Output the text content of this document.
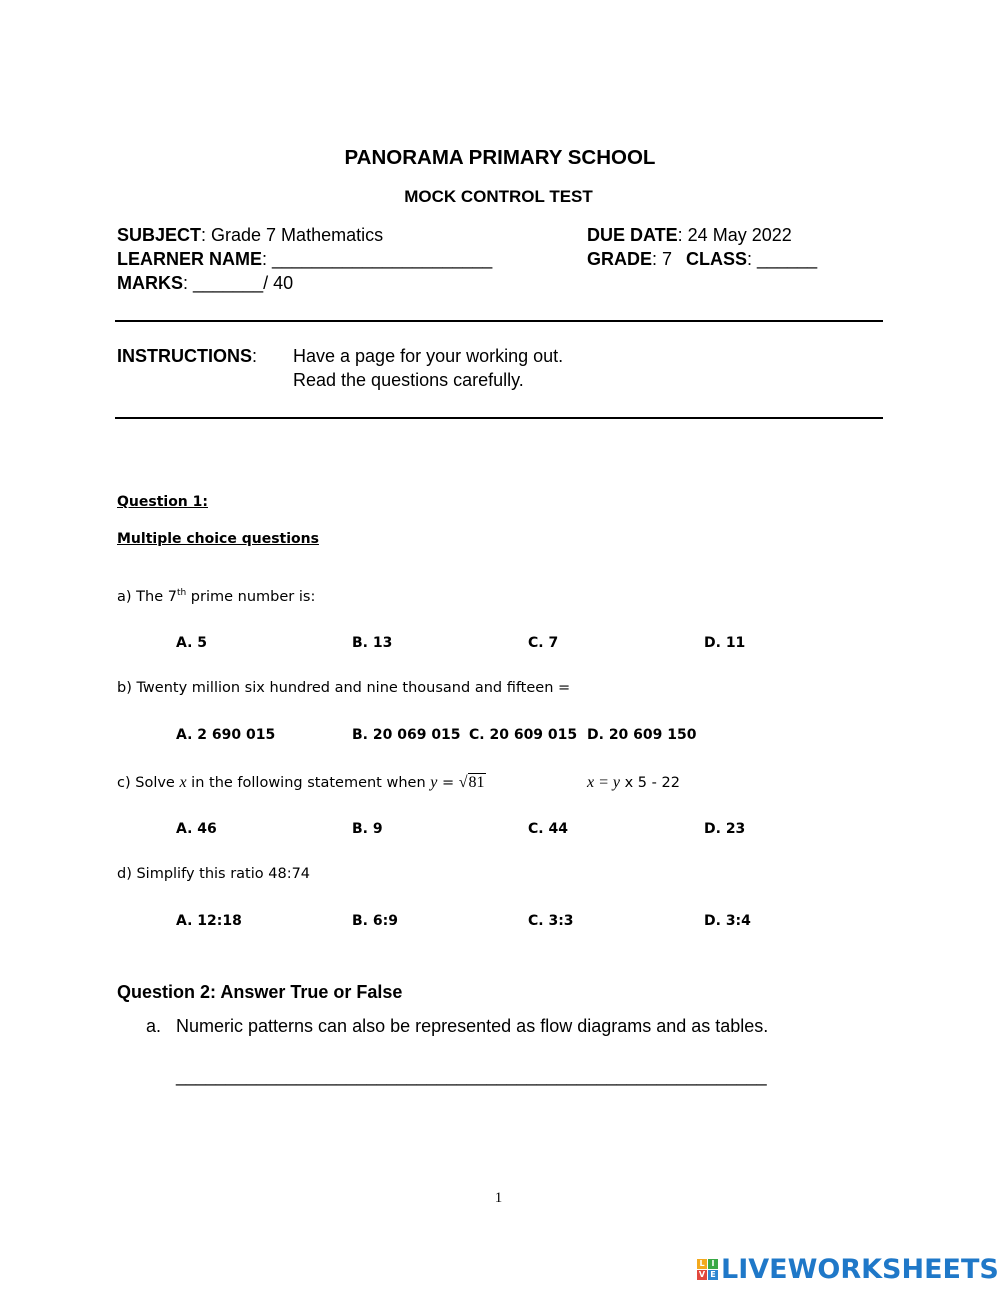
PANORAMA PRIMARY SCHOOL
MOCK CONTROL TEST
SUBJECT: Grade 7 Mathematics	DUE DATE: 24 May 2022
LEARNER NAME: ______________________	GRADE: 7 CLASS: ______
MARKS: _______/ 40
INSTRUCTIONS: Have a page for your working out.
Read the questions carefully.
Question 1:
Multiple choice questions
a) The 7th prime number is:
A. 5	B. 13	C. 7	D. 11
b) Twenty million six hundred and nine thousand and fifteen =
A. 2 690 015	B. 20 069 015 C. 20 609 015 D. 20 609 150
c) Solve x in the following statement when y = √81	x = y x 5 - 22
A. 46	B. 9	C. 44	D. 23
d) Simplify this ratio 48:74
A. 12:18	B. 6:9	C. 3:3	D. 3:4
Question 2: Answer True or False
a. Numeric patterns can also be represented as flow diagrams and as tables.
___________________________________________________________
1
L I
V E LIVEWORKSHEETS
